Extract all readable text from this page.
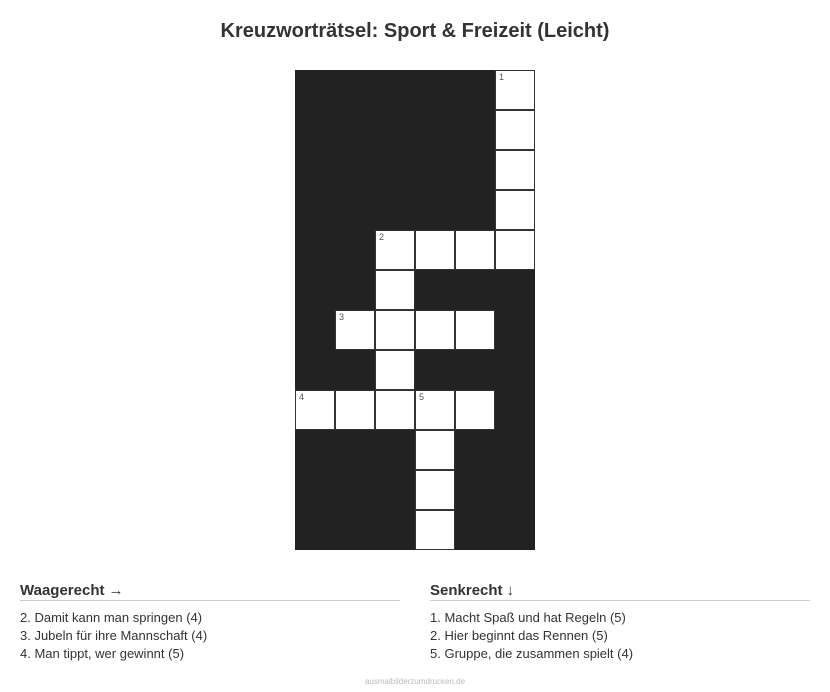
Kreuzworträtsel: Sport & Freizeit (Leicht)
1
2
3
4	5
Waagerecht →
2. Damit kann man springen (4)
3. Jubeln für ihre Mannschaft (4)
4. Man tippt, wer gewinnt (5)
Senkrecht ↓
1. Macht Spaß und hat Regeln (5)
2. Hier beginnt das Rennen (5)
5. Gruppe, die zusammen spielt (4)
ausmalbilderzumdrucken.de
